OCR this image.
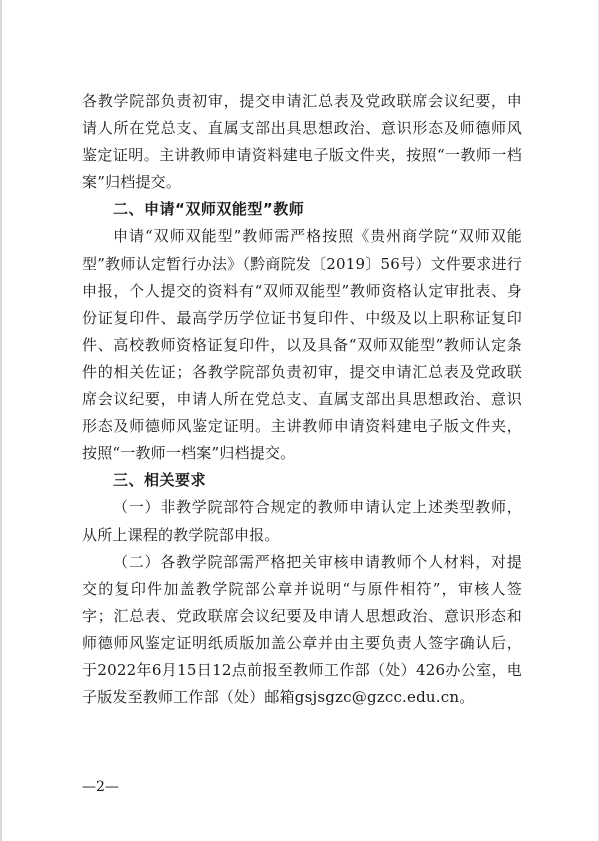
各教学院部负责初审，提交申请汇总表及党政联席会议纪要，申请人所在党总支、直属支部出具思想政治、意识形态及师德师风鉴定证明。主讲教师申请资料建电子版文件夹，按照“一教师一档案”归档提交。

二、申请“双师双能型”教师

申请“双师双能型”教师需严格按照《贵州商学院“双师双能型”教师认定暂行办法》（黔商院发〔2019〕56号）文件要求进行申报，个人提交的资料有“双师双能型”教师资格认定审批表、身份证复印件、最高学历学位证书复印件、中级及以上职称证复印件、高校教师资格证复印件，以及具备“双师双能型”教师认定条件的相关佐证；各教学院部负责初审，提交申请汇总表及党政联席会议纪要，申请人所在党总支、直属支部出具思想政治、意识形态及师德师风鉴定证明。主讲教师申请资料建电子版文件夹，按照“一教师一档案”归档提交。

三、相关要求

（一）非教学院部符合规定的教师申请认定上述类型教师，从所上课程的教学院部申报。

（二）各教学院部需严格把关审核申请教师个人材料，对提交的复印件加盖教学院部公章并说明“与原件相符”，审核人签字；汇总表、党政联席会议纪要及申请人思想政治、意识形态和师德师风鉴定证明纸质版加盖公章并由主要负责人签字确认后，于2022年6月15日12点前报至教师工作部（处）426办公室，电子版发至教师工作部（处）邮箱gsjsgzc@gzcc.edu.cn。

—2—
